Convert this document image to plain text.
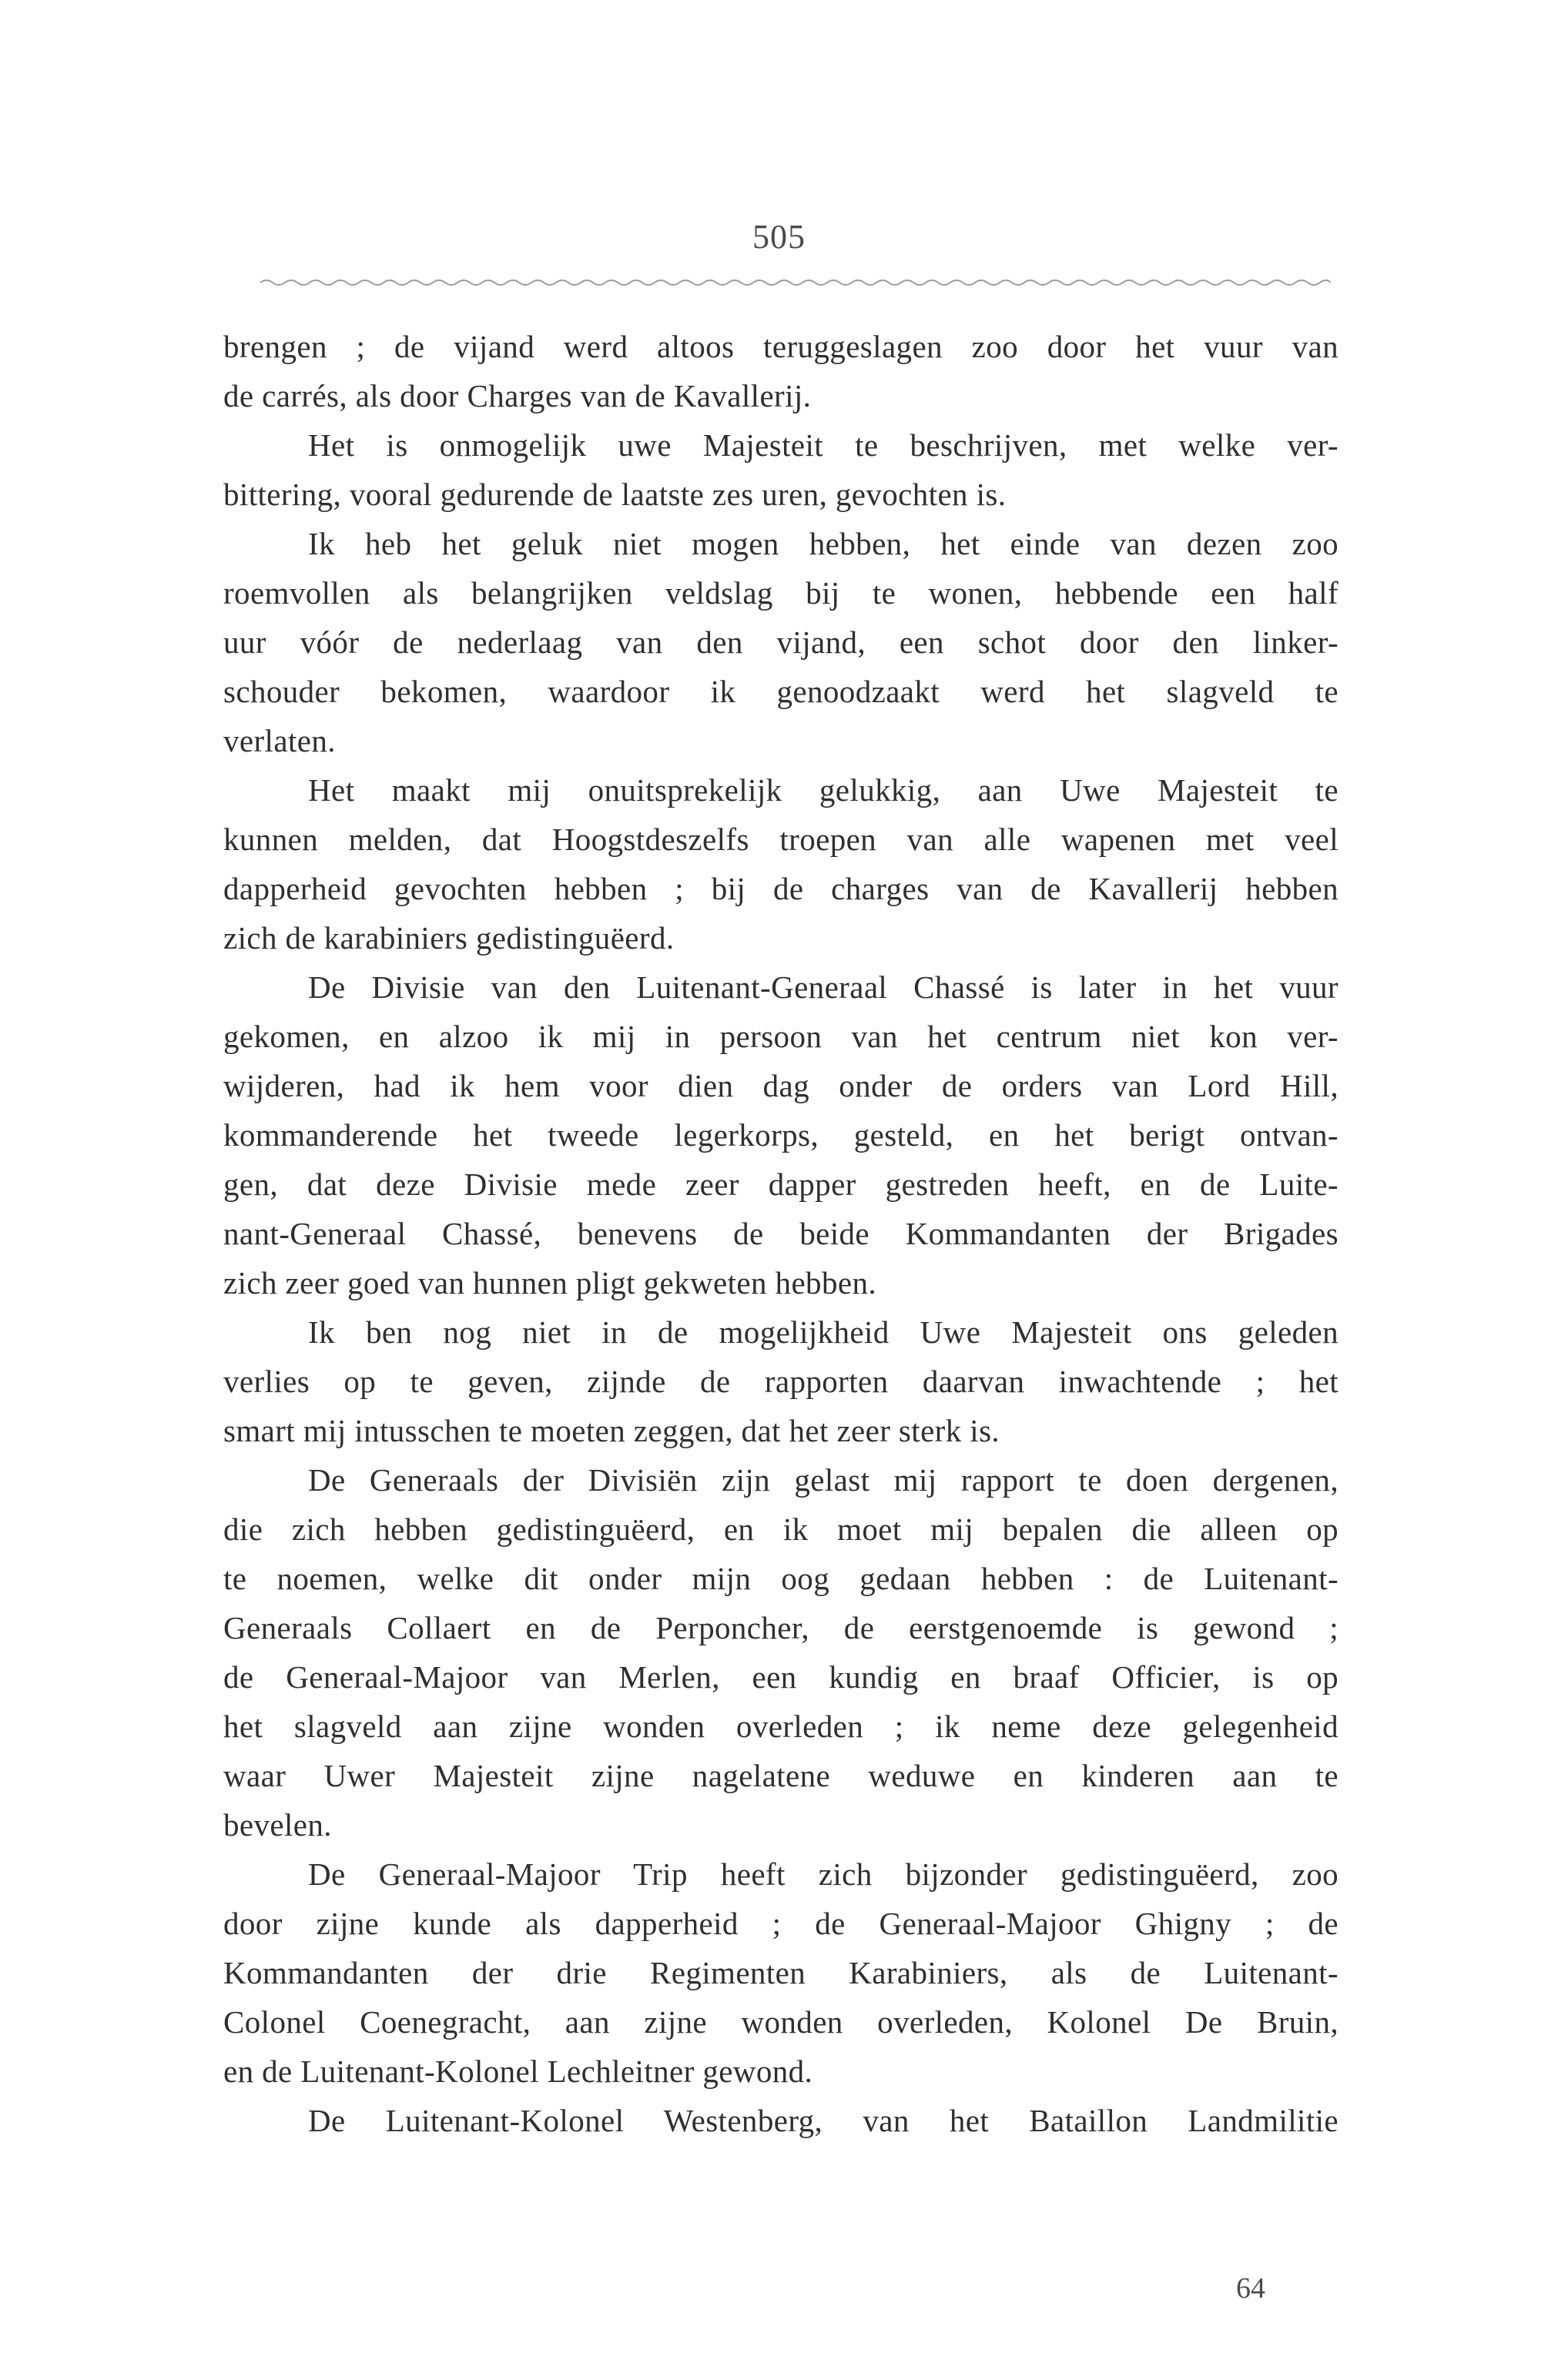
505
brengen ; de vijand werd altoos teruggeslagen zoo door het vuur van
de carrés, als door Charges van de Kavallerij.
Het is onmogelijk uwe Majesteit te beschrijven, met welke ver-
bittering, vooral gedurende de laatste zes uren, gevochten is.
Ik heb het geluk niet mogen hebben, het einde van dezen zoo
roemvollen als belangrijken veldslag bij te wonen, hebbende een half
uur vóór de nederlaag van den vijand, een schot door den linker-
schouder bekomen, waardoor ik genoodzaakt werd het slagveld te
verlaten.
Het maakt mij onuitsprekelijk gelukkig, aan Uwe Majesteit te
kunnen melden, dat Hoogstdeszelfs troepen van alle wapenen met veel
dapperheid gevochten hebben ; bij de charges van de Kavallerij hebben
zich de karabiniers gedistinguëerd.
De Divisie van den Luitenant-Generaal Chassé is later in het vuur
gekomen, en alzoo ik mij in persoon van het centrum niet kon ver-
wijderen, had ik hem voor dien dag onder de orders van Lord Hill,
kommanderende het tweede legerkorps, gesteld, en het berigt ontvan-
gen, dat deze Divisie mede zeer dapper gestreden heeft, en de Luite-
nant-Generaal Chassé, benevens de beide Kommandanten der Brigades
zich zeer goed van hunnen pligt gekweten hebben.
Ik ben nog niet in de mogelijkheid Uwe Majesteit ons geleden
verlies op te geven, zijnde de rapporten daarvan inwachtende ; het
smart mij intusschen te moeten zeggen, dat het zeer sterk is.
De Generaals der Divisiën zijn gelast mij rapport te doen dergenen,
die zich hebben gedistinguëerd, en ik moet mij bepalen die alleen op
te noemen, welke dit onder mijn oog gedaan hebben : de Luitenant-
Generaals Collaert en de Perponcher, de eerstgenoemde is gewond ;
de Generaal-Majoor van Merlen, een kundig en braaf Officier, is op
het slagveld aan zijne wonden overleden ; ik neme deze gelegenheid
waar Uwer Majesteit zijne nagelatene weduwe en kinderen aan te
bevelen.
De Generaal-Majoor Trip heeft zich bijzonder gedistinguëerd, zoo
door zijne kunde als dapperheid ; de Generaal-Majoor Ghigny ; de
Kommandanten der drie Regimenten Karabiniers, als de Luitenant-
Colonel Coenegracht, aan zijne wonden overleden, Kolonel De Bruin,
en de Luitenant-Kolonel Lechleitner gewond.
De Luitenant-Kolonel Westenberg, van het Bataillon Landmilitie
64
